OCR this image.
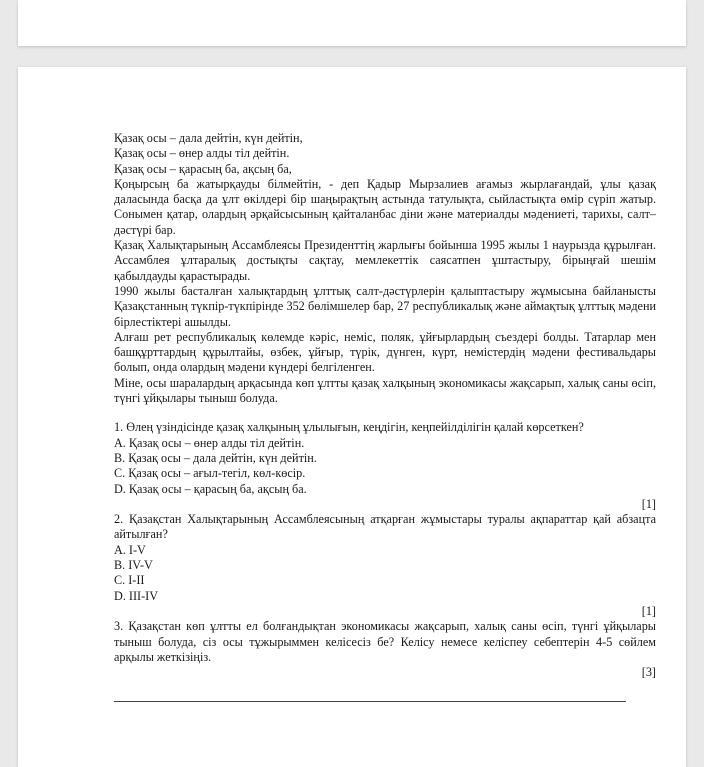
Қазақ осы – дала дейтін, күн дейтін,

Қазақ осы – өнер алды тіл дейтін.

Қазақ осы – қарасың ба, ақсың ба,

Қоңырсың ба жатырқауды білмейтін, - деп Қадыр Мырзалиев ағамыз жырлағандай, ұлы қазақ даласында басқа да ұлт өкілдері бір шаңырақтың астында татулықта, сыйластықта өмір сүріп жатыр. Сонымен қатар, олардың әрқайсысының қайталанбас діни және материалды мәдениеті, тарихы, салт–дәстүрі бар.

Қазақ Халықтарының Ассамблеясы Президенттің жарлығы бойынша 1995 жылы 1 наурызда құрылған. Ассамблея ұлтаралық достықты сақтау, мемлекеттік саясатпен ұштастыру, бірыңғай шешім қабылдауды қарастырады.

1990 жылы басталған халықтардың ұлттық салт-дәстүрлерін қалыптастыру жұмысына байланысты Қазақстанның түкпір-түкпірінде 352 бөлімшелер бар, 27 республикалық және аймақтық ұлттық мәдени бірлестіктері ашылды.

Алғаш рет республикалық көлемде кәріс, неміс, поляк, ұйғырлардың съездері болды. Татарлар мен башқұрттардың құрылтайы, өзбек, ұйғыр, түрік, дүнген, күрт, немістердің мәдени фестивальдары болып, онда олардың мәдени күндері белгіленген.

Міне, осы шаралардың арқасында көп ұлтты қазақ халқының экономикасы жақсарып, халық саны өсіп, түнгі ұйқылары тыныш болуда.

1. Өлең үзіндісінде қазақ халқының ұлылығын, кеңдігін, кеңпейілділігін қалай көрсеткен?

A. Қазақ осы – өнер алды тіл дейтін.

B. Қазақ осы – дала дейтін, күн дейтін.

C. Қазақ осы – ағыл-тегіл, көл-көсір.

D. Қазақ осы – қарасың ба, ақсың ба.

[1]

2. Қазақстан Халықтарының Ассамблеясының атқарған жұмыстары туралы ақпараттар қай абзацта айтылған?

A. I-V

B. IV-V

C. I-II

D. III-IV

[1]

3. Қазақстан көп ұлтты ел болғандықтан экономикасы жақсарып, халық саны өсіп, түнгі ұйқылары тыныш болуда, сіз осы тұжырыммен келісесіз бе? Келісу немесе келіспеу себептерін 4-5 сөйлем арқылы жеткізіңіз.

[3]
